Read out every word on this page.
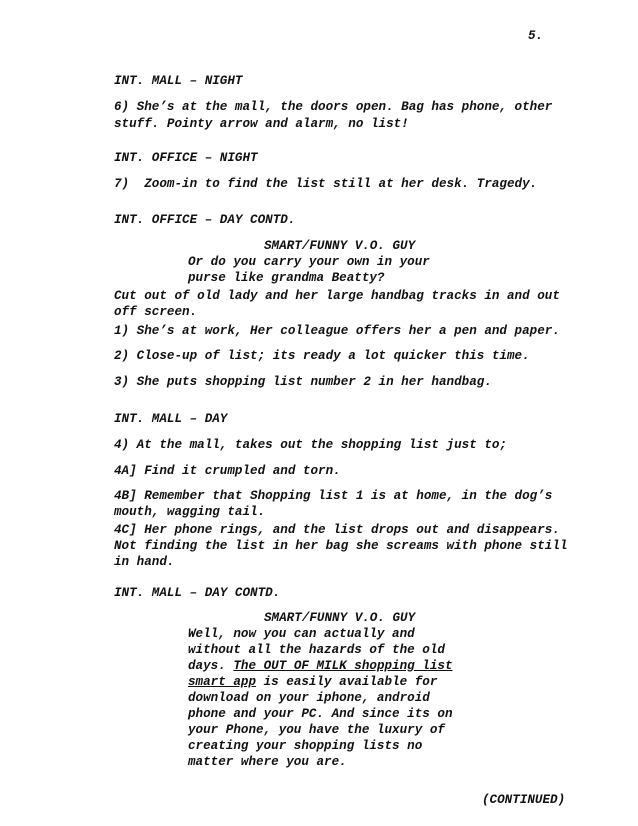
5.
INT. MALL – NIGHT
6) She’s at the mall, the doors open. Bag has phone, other
stuff. Pointy arrow and alarm, no list!
INT. OFFICE – NIGHT
7)  Zoom-in to find the list still at her desk. Tragedy.
INT. OFFICE – DAY CONTD.
SMART/FUNNY V.O. GUY
Or do you carry your own in your
purse like grandma Beatty?
Cut out of old lady and her large handbag tracks in and out
off screen.
1) She’s at work, Her colleague offers her a pen and paper.
2) Close-up of list; its ready a lot quicker this time.
3) She puts shopping list number 2 in her handbag.
INT. MALL – DAY
4) At the mall, takes out the shopping list just to;
4A] Find it crumpled and torn.
4B] Remember that Shopping list 1 is at home, in the dog’s
mouth, wagging tail.
4C] Her phone rings, and the list drops out and disappears.
Not finding the list in her bag she screams with phone still
in hand.
INT. MALL – DAY CONTD.
SMART/FUNNY V.O. GUY
Well, now you can actually and
without all the hazards of the old
days. The OUT OF MILK shopping list
smart app is easily available for
download on your iphone, android
phone and your PC. And since its on
your Phone, you have the luxury of
creating your shopping lists no
matter where you are.
(CONTINUED)
